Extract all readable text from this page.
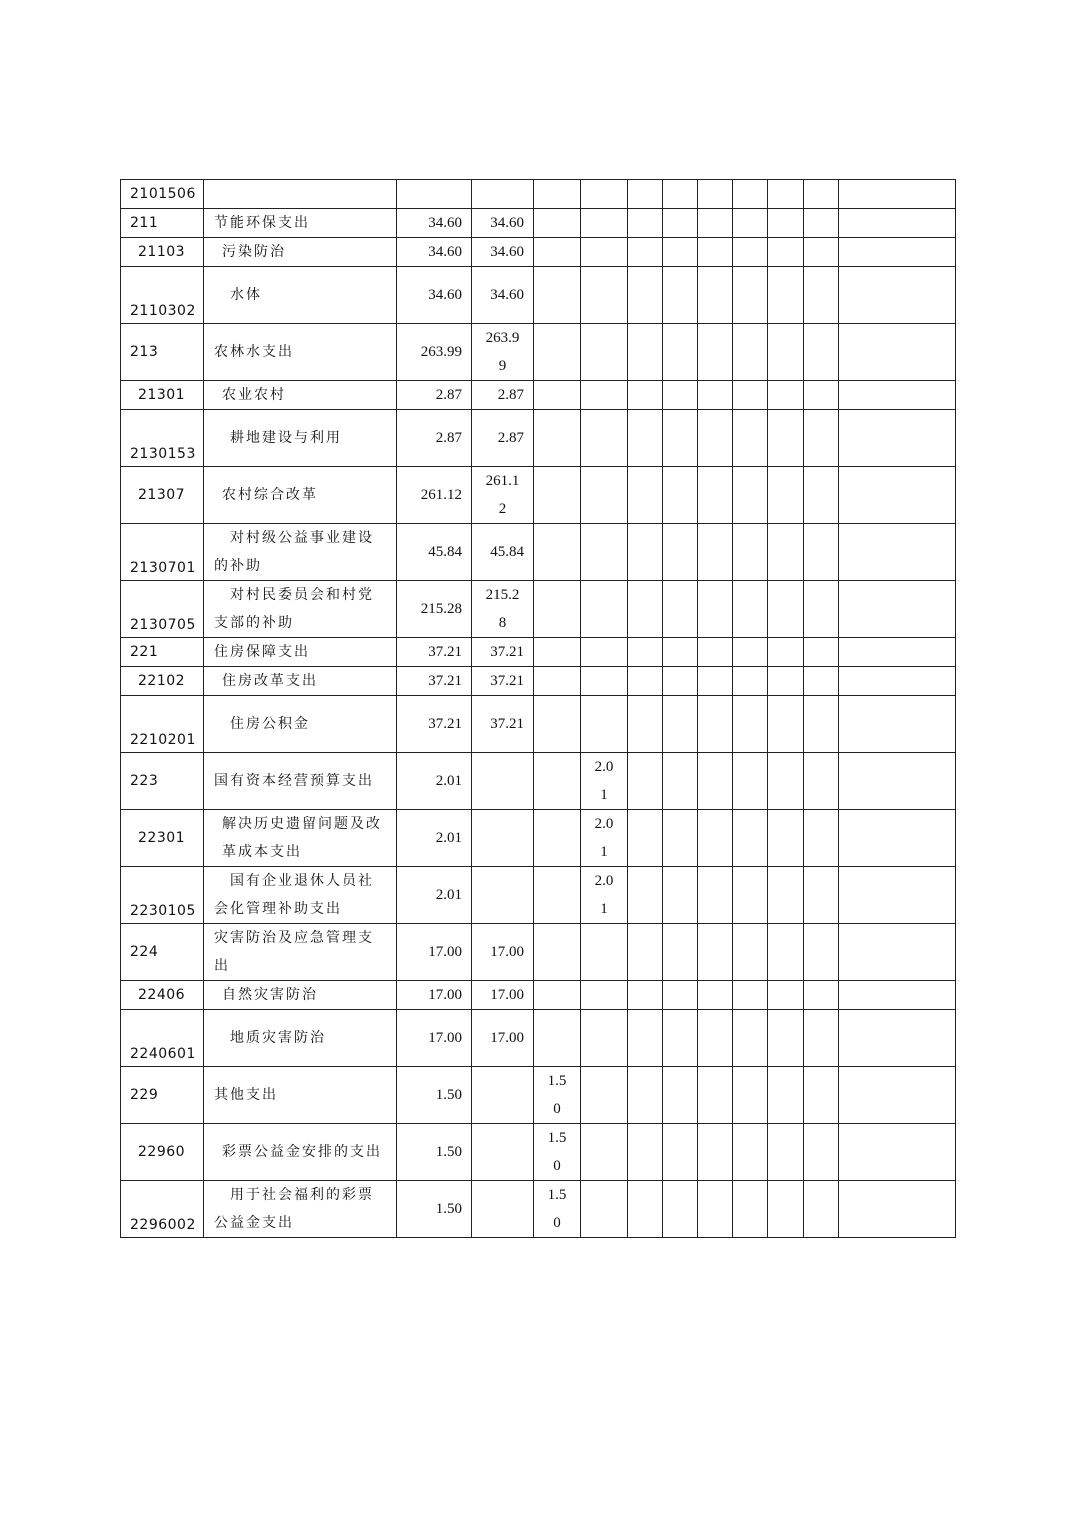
2101506												

211	节能环保支出	34.60	34.60									

21103	污染防治	34.60	34.60									

2110302	水体	34.60	34.60									

213	农林水支出	263.99	263.99									

21301	农业农村	2.87	2.87									

2130153	耕地建设与利用	2.87	2.87									

21307	农村综合改革	261.12	261.12									

2130701	对村级公益事业建设的补助	45.84	45.84									

2130705	对村民委员会和村党支部的补助	215.28	215.28									

221	住房保障支出	37.21	37.21									

22102	住房改革支出	37.21	37.21									

2210201	住房公积金	37.21	37.21									

223	国有资本经营预算支出	2.01			2.01							

22301	解决历史遗留问题及改革成本支出	2.01			2.01							

2230105	国有企业退休人员社会化管理补助支出	2.01			2.01							

224	灾害防治及应急管理支出	17.00	17.00									

22406	自然灾害防治	17.00	17.00									

2240601	地质灾害防治	17.00	17.00									

229	其他支出	1.50		1.50								

22960	彩票公益金安排的支出	1.50		1.50								

2296002	用于社会福利的彩票公益金支出	1.50		1.50								
